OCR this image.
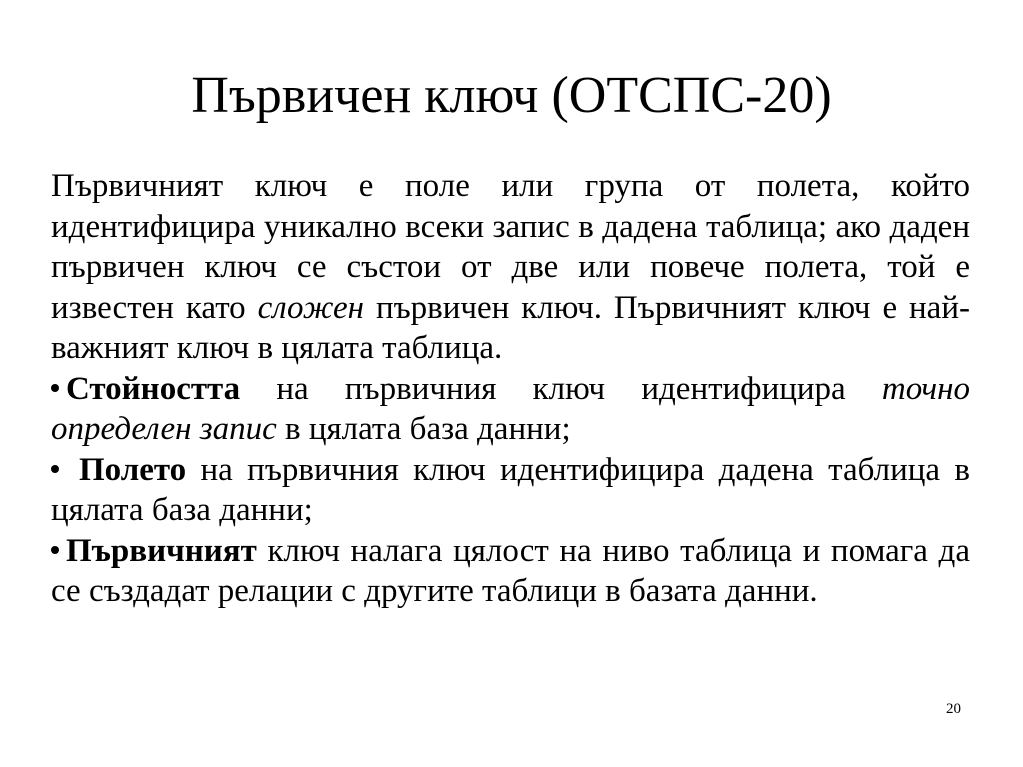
Първичен ключ (ОТСПС-20)

Първичният ключ е поле или група от полета, който идентифицира уникално всеки запис в дадена таблица; ако даден първичен ключ се състои от две или повече полета, той е известен като сложен първичен ключ. Първичният ключ е най-важният ключ в цялата таблица.

Стойността на първичния ключ идентифицира точно определен запис в цялата база данни;

Полето на първичния ключ идентифицира дадена таблица в цялата база данни;

Първичният ключ налага цялост на ниво таблица и помага да се създадат релации с другите таблици в базата данни.

20
